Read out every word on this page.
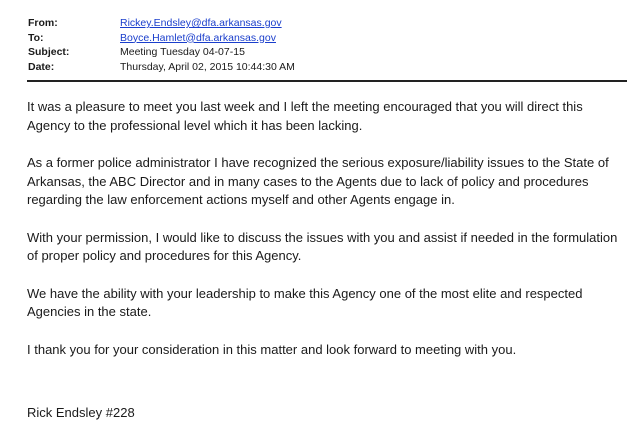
From:	Rickey.Endsley@dfa.arkansas.gov
To:	Boyce.Hamlet@dfa.arkansas.gov
Subject:	Meeting Tuesday 04-07-15
Date:	Thursday, April 02, 2015 10:44:30 AM

It was a pleasure to meet you last week and I left the meeting encouraged that you will direct this Agency to the professional level which it has been lacking.

As a former police administrator I have recognized the serious exposure/liability issues to the State of Arkansas, the ABC Director and in many cases to the Agents due to lack of policy and procedures regarding the law enforcement actions myself and other Agents engage in.

With your permission, I would like to discuss the issues with you and assist if needed in the formulation of proper policy and procedures for this Agency.

We have the ability with your leadership to make this Agency one of the most elite and respected Agencies in the state.

I thank you for your consideration in this matter and look forward to meeting with you.

Rick Endsley #228
